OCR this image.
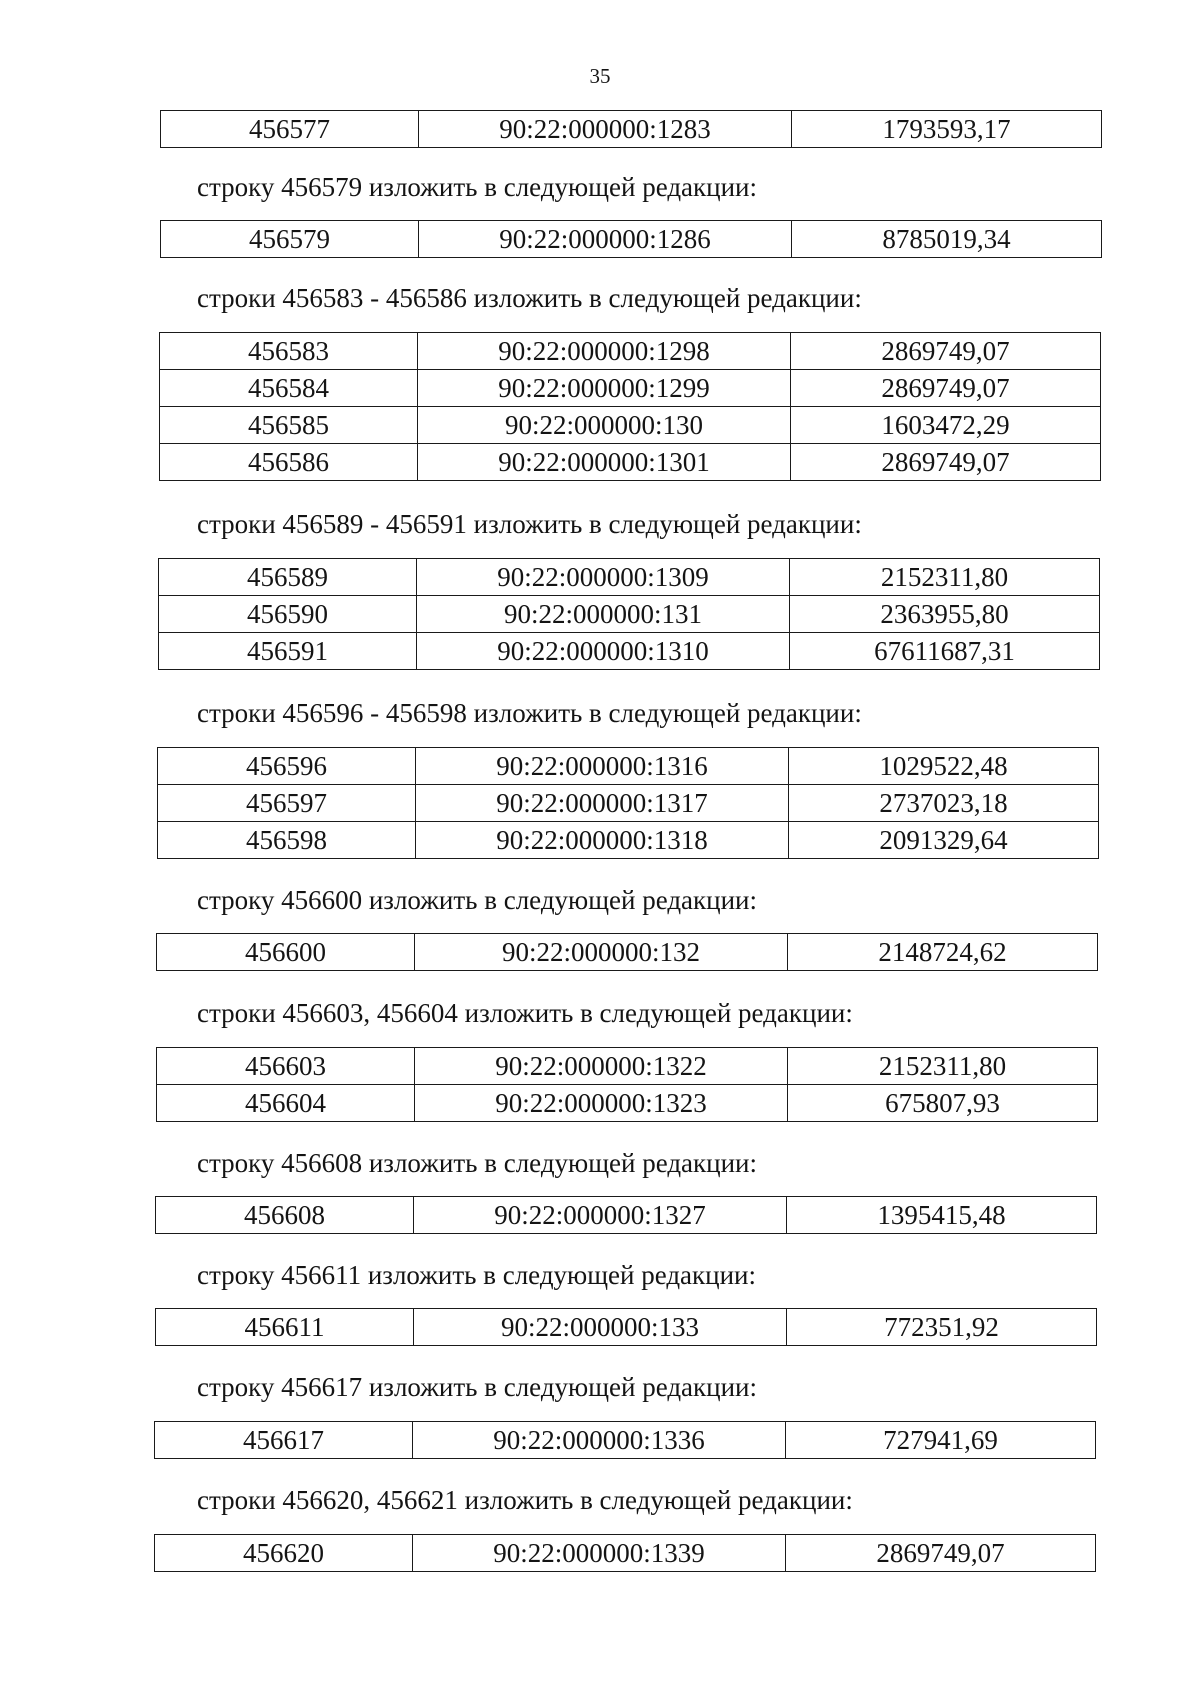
35
456577	90:22:000000:1283	1793593,17
строку 456579 изложить в следующей редакции:
456579	90:22:000000:1286	8785019,34
строки 456583 - 456586 изложить в следующей редакции:
456583	90:22:000000:1298	2869749,07
456584	90:22:000000:1299	2869749,07
456585	90:22:000000:130	1603472,29
456586	90:22:000000:1301	2869749,07
строки 456589 - 456591 изложить в следующей редакции:
456589	90:22:000000:1309	2152311,80
456590	90:22:000000:131	2363955,80
456591	90:22:000000:1310	67611687,31
строки 456596 - 456598 изложить в следующей редакции:
456596	90:22:000000:1316	1029522,48
456597	90:22:000000:1317	2737023,18
456598	90:22:000000:1318	2091329,64
строку 456600 изложить в следующей редакции:
456600	90:22:000000:132	2148724,62
строки 456603, 456604 изложить в следующей редакции:
456603	90:22:000000:1322	2152311,80
456604	90:22:000000:1323	675807,93
строку 456608 изложить в следующей редакции:
456608	90:22:000000:1327	1395415,48
строку 456611 изложить в следующей редакции:
456611	90:22:000000:133	772351,92
строку 456617 изложить в следующей редакции:
456617	90:22:000000:1336	727941,69
строки 456620, 456621 изложить в следующей редакции:
456620	90:22:000000:1339	2869749,07
